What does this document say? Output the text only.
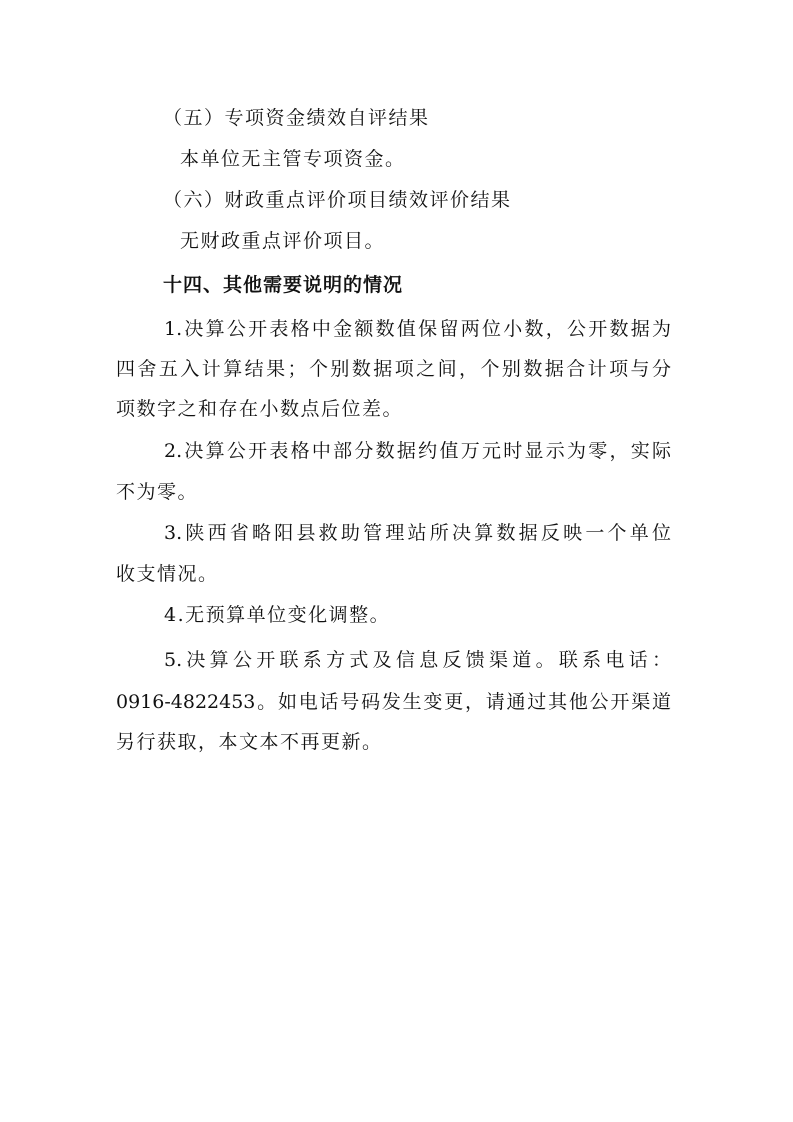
（五）专项资金绩效自评结果
本单位无主管专项资金。
（六）财政重点评价项目绩效评价结果
无财政重点评价项目。
十四、其他需要说明的情况
1.决算公开表格中金额数值保留两位小数，公开数据为
四舍五入计算结果；个别数据项之间，个别数据合计项与分
项数字之和存在小数点后位差。
2.决算公开表格中部分数据约值万元时显示为零，实际
不为零。
3.陕西省略阳县救助管理站所决算数据反映一个单位
收支情况。
4.无预算单位变化调整。
5.决算公开联系方式及信息反馈渠道。联系电话：
0916-4822453。如电话号码发生变更，请通过其他公开渠道
另行获取，本文本不再更新。
